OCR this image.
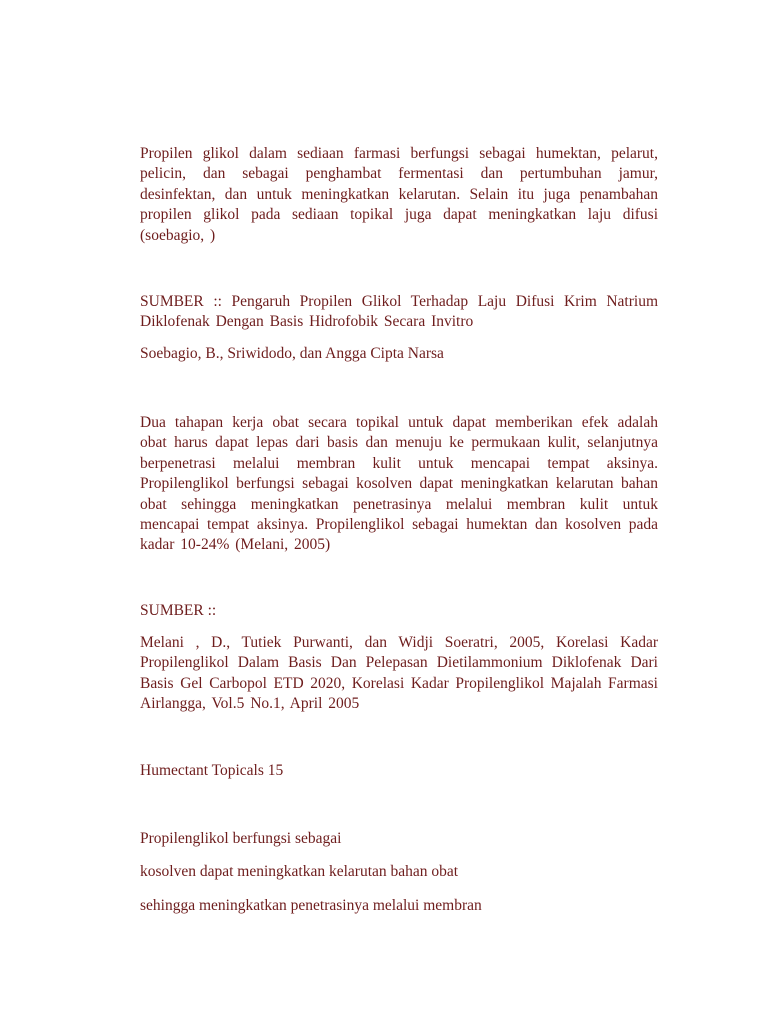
Propilen glikol dalam sediaan farmasi berfungsi sebagai humektan, pelarut, pelicin, dan sebagai penghambat fermentasi dan pertumbuhan jamur, desinfektan, dan untuk meningkatkan kelarutan. Selain itu juga penambahan propilen glikol pada sediaan topikal juga dapat meningkatkan laju difusi (soebagio, )
SUMBER :: Pengaruh Propilen Glikol Terhadap Laju Difusi Krim Natrium Diklofenak Dengan Basis Hidrofobik Secara Invitro
Soebagio, B., Sriwidodo, dan Angga Cipta Narsa
Dua tahapan kerja obat secara topikal untuk dapat memberikan efek adalah obat harus dapat lepas dari basis dan menuju ke permukaan kulit, selanjutnya berpenetrasi melalui membran kulit untuk mencapai tempat aksinya. Propilenglikol berfungsi sebagai kosolven dapat meningkatkan kelarutan bahan obat sehingga meningkatkan penetrasinya melalui membran kulit untuk mencapai tempat aksinya. Propilenglikol sebagai humektan dan kosolven pada kadar 10-24% (Melani, 2005)
SUMBER ::
Melani , D., Tutiek Purwanti, dan Widji Soeratri, 2005, Korelasi Kadar Propilenglikol Dalam Basis Dan Pelepasan Dietilammonium Diklofenak Dari Basis Gel Carbopol ETD 2020, Korelasi Kadar Propilenglikol Majalah Farmasi Airlangga, Vol.5 No.1, April 2005
Humectant Topicals 15
Propilenglikol berfungsi sebagai
kosolven dapat meningkatkan kelarutan bahan obat
sehingga meningkatkan penetrasinya melalui membran
